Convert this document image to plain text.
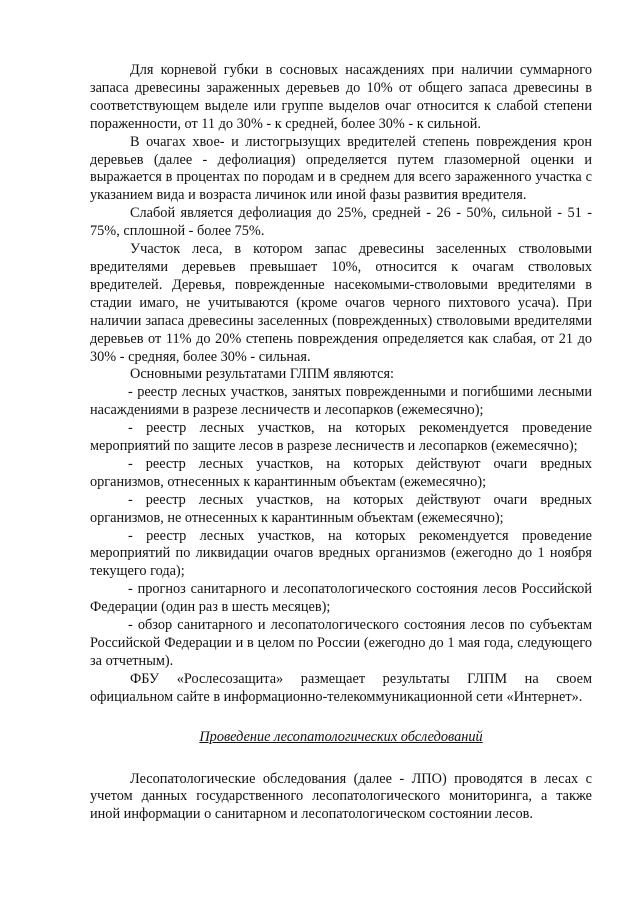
Для корневой губки в сосновых насаждениях при наличии суммарного запаса древесины зараженных деревьев до 10% от общего запаса древесины в соответствующем выделе или группе выделов очаг относится к слабой степени пораженности, от 11 до 30% - к средней, более 30% - к сильной.

В очагах хвое- и листогрызущих вредителей степень повреждения крон деревьев (далее - дефолиация) определяется путем глазомерной оценки и выражается в процентах по породам и в среднем для всего зараженного участка с указанием вида и возраста личинок или иной фазы развития вредителя.

Слабой является дефолиация до 25%, средней - 26 - 50%, сильной - 51 - 75%, сплошной - более 75%.

Участок леса, в котором запас древесины заселенных стволовыми вредителями деревьев превышает 10%, относится к очагам стволовых вредителей. Деревья, поврежденные насекомыми-стволовыми вредителями в стадии имаго, не учитываются (кроме очагов черного пихтового усача). При наличии запаса древесины заселенных (поврежденных) стволовыми вредителями деревьев от 11% до 20% степень повреждения определяется как слабая, от 21 до 30% - средняя, более 30% - сильная.

Основными результатами ГЛПМ являются:

- реестр лесных участков, занятых поврежденными и погибшими лесными насаждениями в разрезе лесничеств и лесопарков (ежемесячно);

- реестр лесных участков, на которых рекомендуется проведение мероприятий по защите лесов в разрезе лесничеств и лесопарков (ежемесячно);

- реестр лесных участков, на которых действуют очаги вредных организмов, отнесенных к карантинным объектам (ежемесячно);

- реестр лесных участков, на которых действуют очаги вредных организмов, не отнесенных к карантинным объектам (ежемесячно);

- реестр лесных участков, на которых рекомендуется проведение мероприятий по ликвидации очагов вредных организмов (ежегодно до 1 ноября текущего года);

- прогноз санитарного и лесопатологического состояния лесов Российской Федерации (один раз в шесть месяцев);

- обзор санитарного и лесопатологического состояния лесов по субъектам Российской Федерации и в целом по России (ежегодно до 1 мая года, следующего за отчетным).

ФБУ «Рослесозащита» размещает результаты ГЛПМ на своем официальном сайте в информационно-телекоммуникационной сети «Интернет».

Проведение лесопатологических обследований

Лесопатологические обследования (далее - ЛПО) проводятся в лесах с учетом данных государственного лесопатологического мониторинга, а также иной информации о санитарном и лесопатологическом состоянии лесов.
